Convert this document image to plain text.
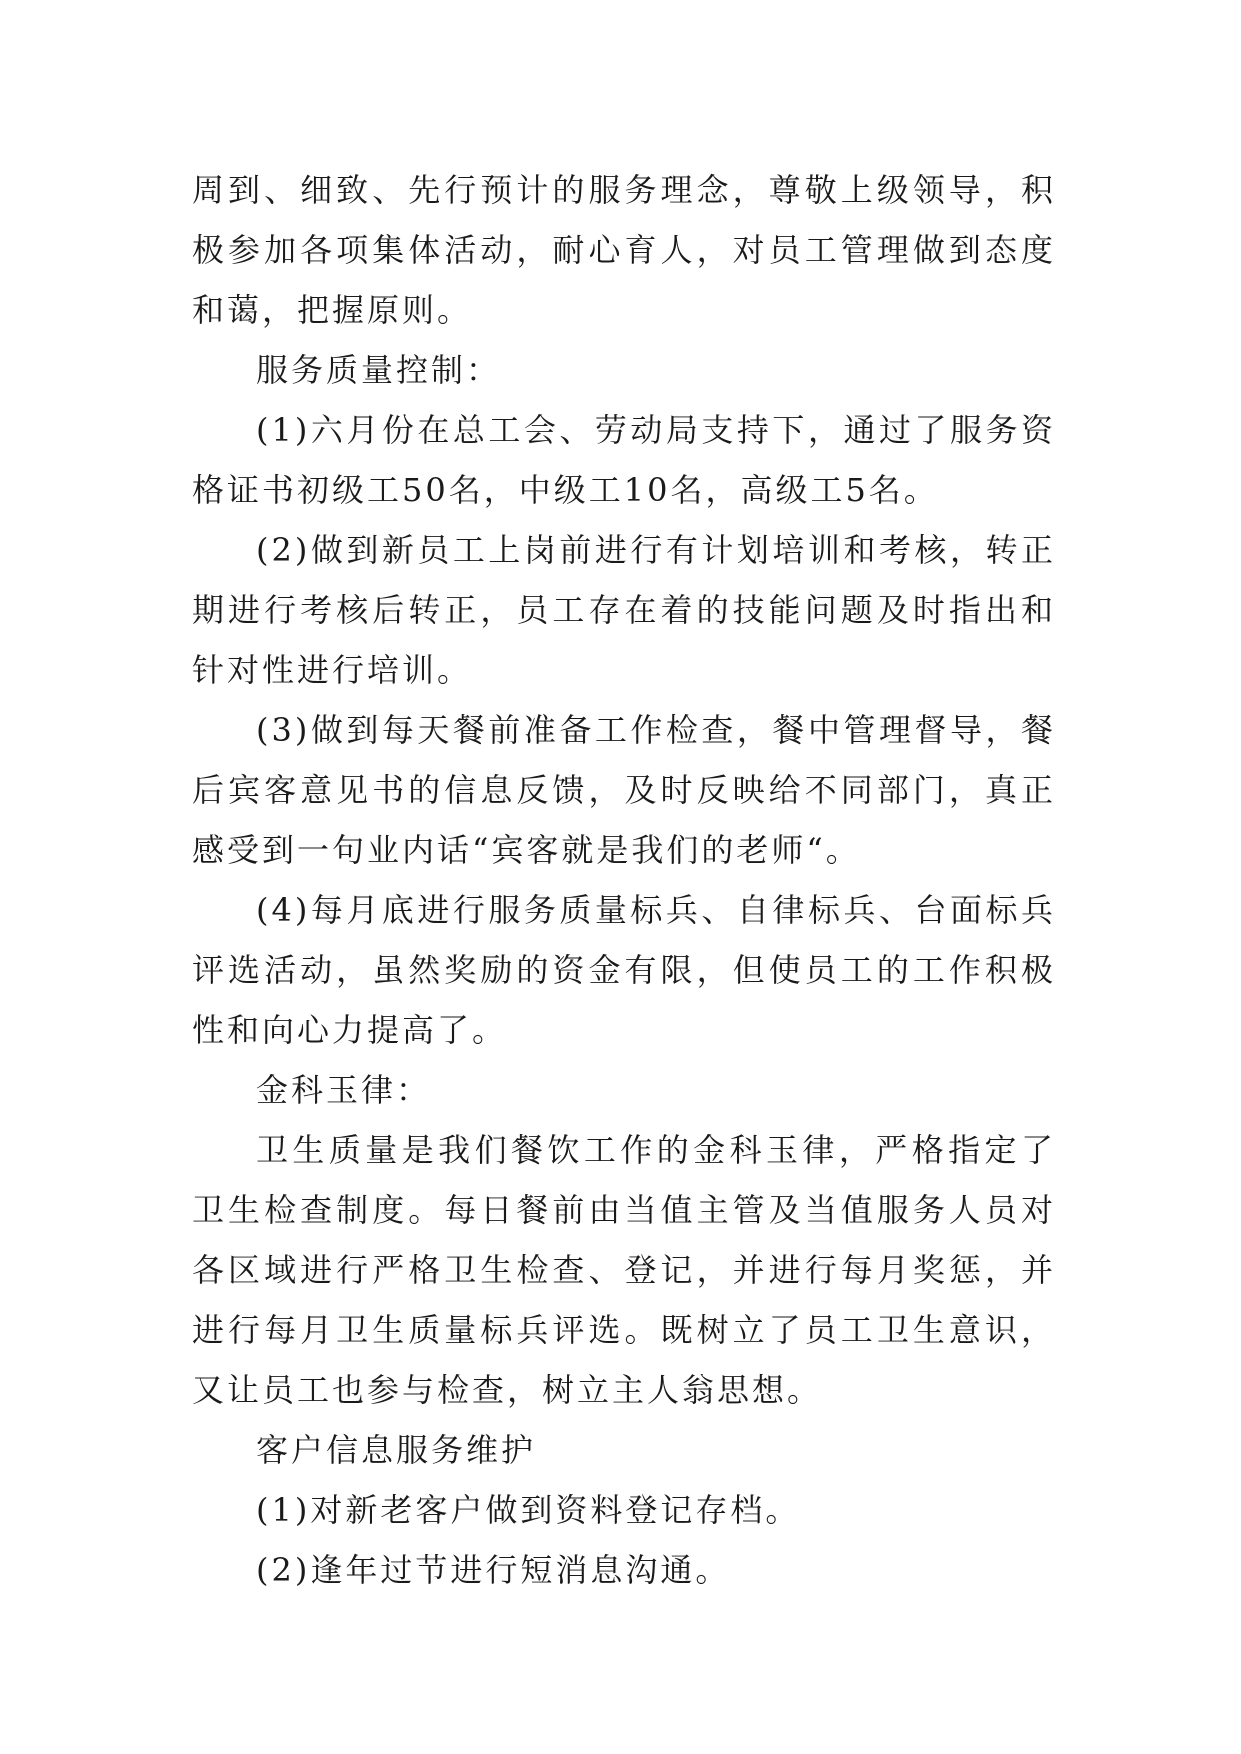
周到、细致、先行预计的服务理念，尊敬上级领导，积极参加各项集体活动，耐心育人，对员工管理做到态度和蔼，把握原则。

服务质量控制：

(1)六月份在总工会、劳动局支持下，通过了服务资格证书初级工50名，中级工10名，高级工5名。

(2)做到新员工上岗前进行有计划培训和考核，转正期进行考核后转正，员工存在着的技能问题及时指出和针对性进行培训。

(3)做到每天餐前准备工作检查，餐中管理督导，餐后宾客意见书的信息反馈，及时反映给不同部门，真正感受到一句业内话“宾客就是我们的老师“。

(4)每月底进行服务质量标兵、自律标兵、台面标兵评选活动，虽然奖励的资金有限，但使员工的工作积极性和向心力提高了。

金科玉律：

卫生质量是我们餐饮工作的金科玉律，严格指定了卫生检查制度。每日餐前由当值主管及当值服务人员对各区域进行严格卫生检查、登记，并进行每月奖惩，并进行每月卫生质量标兵评选。既树立了员工卫生意识，又让员工也参与检查，树立主人翁思想。

客户信息服务维护

(1)对新老客户做到资料登记存档。

(2)逢年过节进行短消息沟通。
